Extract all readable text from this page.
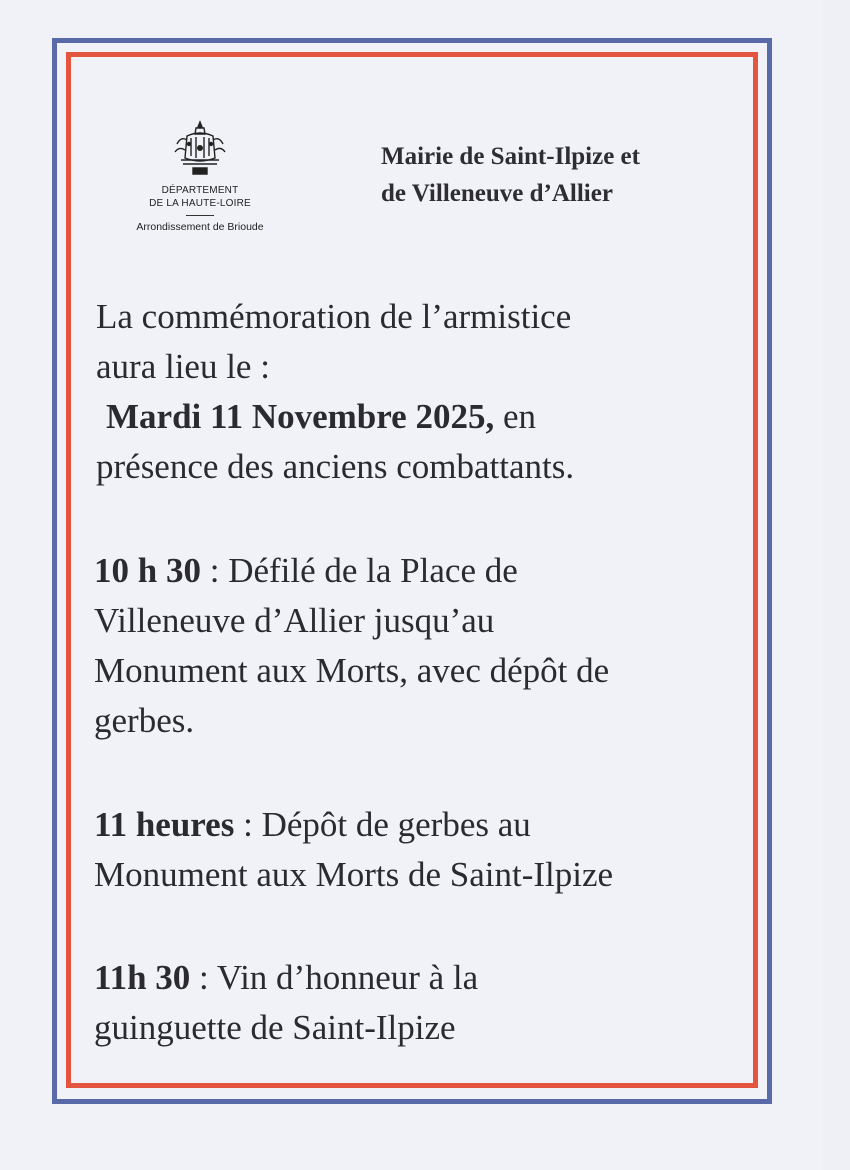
DÉPARTEMENT
DE LA HAUTE-LOIRE
Arrondissement de Brioude
Mairie de Saint-Ilpize et
de Villeneuve d’Allier
La commémoration de l’armistice
aura lieu le :
Mardi 11 Novembre 2025, en
présence des anciens combattants.
10 h 30 : Défilé de la Place de
Villeneuve d’Allier jusqu’au
Monument aux Morts, avec dépôt de
gerbes.
11 heures : Dépôt de gerbes au
Monument aux Morts de Saint-Ilpize
11h 30 : Vin d’honneur à la
guinguette de Saint-Ilpize
